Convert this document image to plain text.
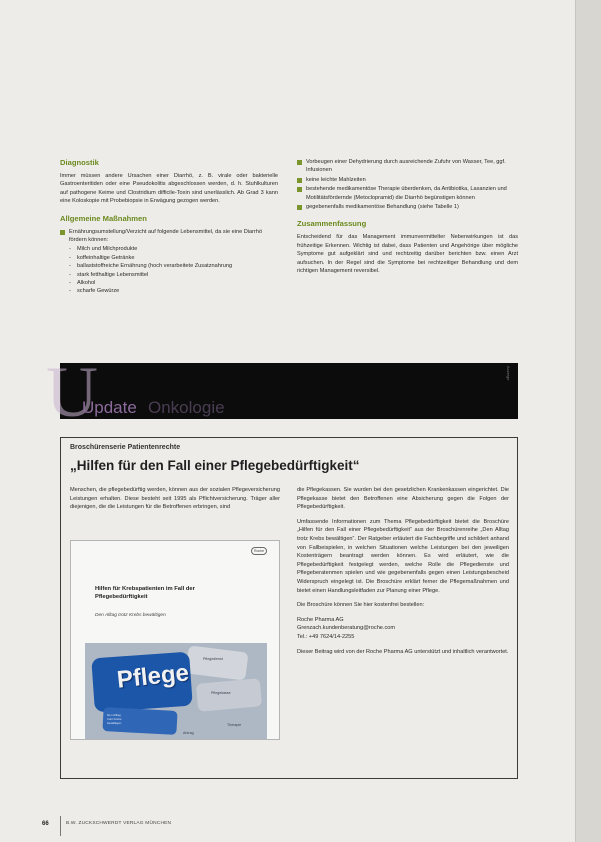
Diagnostik

Immer müssen andere Ursachen einer Diarrhö, z. B. virale oder bakterielle Gastroenteritiden oder eine Pseudokolitis abgeschlossen werden, d. h. Stuhlkulturen auf pathogene Keime und Clostridium difficile-Toxin sind unerlässlich. Ab Grad 3 kann eine Koloskopie mit Probebiopsie in Erwägung gezogen werden.

Allgemeine Maßnahmen
Ernährungsumstellung/Verzicht auf folgende Lebensmittel, da sie eine Diarrhö fördern können:
- Milch und Milchprodukte
- koffeinhaltige Getränke
- ballaststoffreiche Ernährung (hoch verarbeitete Zusatznahrung
- stark fetthaltige Lebensmittel
- Alkohol
- scharfe Gewürze
Vorbeugen einer Dehydrierung durch ausreichende Zufuhr von Wasser, Tee, ggf. Infusionen
keine leichte Mahlzeiten
bestehende medikamentöse Therapie überdenken, da Antibiotika, Laxanzien und Motilitätsfördernde (Metoclopramid) die Diarrhö begünstigen können
gegebenenfalls medikamentöse Behandlung (siehe Tabelle 1)
Zusammenfassung

Entscheidend für das Management immunvermittelter Nebenwirkungen ist das frühzeitige Erkennen. Wichtig ist dabei, dass Patienten und Angehörige über mögliche Symptome gut aufgeklärt sind und rechtzeitig darüber berichten bzw. einen Arzt aufsuchen. In der Regel sind die Symptome bei rechtzeitiger Behandlung und dem richtigen Management reversibel.

U
Update Onkologie
Anzeige
Broschürenserie Patientenrechte
„Hilfen für den Fall einer Pflegebedürftigkeit“

Menschen, die pflegebedürftig werden, können aus der sozialen Pflegeversicherung Leistungen erhalten. Diese besteht seit 1995 als Pflichtversicherung. Träger aller diejenigen, die die Leistungen für die Betroffenen erbringen, sind

Roche
Hilfen für Krebspatienten im Fall der Pflegebedürftigkeit
Den Alltag trotz Krebs bewältigen
Pflege
Pflegedienst
Pflegekasse
Therapie
Antrag
Den Alltag
trotz Krebs
bewältigen

die Pflegekassen. Sie wurden bei den gesetzlichen Krankenkassen eingerichtet. Die Pflegekasse bietet den Betroffenen eine Absicherung gegen die Folgen der Pflegebedürftigkeit.

Umfassende Informationen zum Thema Pflegebedürftigkeit bietet die Broschüre „Hilfen für den Fall einer Pflegebedürftigkeit“ aus der Broschürenreihe „Den Alltag trotz Krebs bewältigen“. Der Ratgeber erläutert die Fachbegriffe und schildert anhand von Fallbeispielen, in welchen Situationen welche Leistungen bei den jeweiligen Kostenträgern beantragt werden können. Es wird erläutert, wie die Pflegebedürftigkeit festgelegt werden, welche Rolle die Pflegedienste und Pflegeberatenmen spielen und wie gegebenenfalls gegen einen Leistungsbescheid Widerspruch eingelegt ist. Die Broschüre erklärt ferner die Pflegemaßnahmen und bietet einen Handlungsleitfaden zur Planung einer Pflege.

Die Broschüre können Sie hier kostenfrei bestellen:

Roche Pharma AG
Grenzach.kundenberatung@roche.com
Tel.: +49 7624/14-2255

Dieser Beitrag wird von der Roche Pharma AG unterstützt und inhaltlich verantwortet.

66	B.W. ZUCKSCHWERDT VERLAG MÜNCHEN
